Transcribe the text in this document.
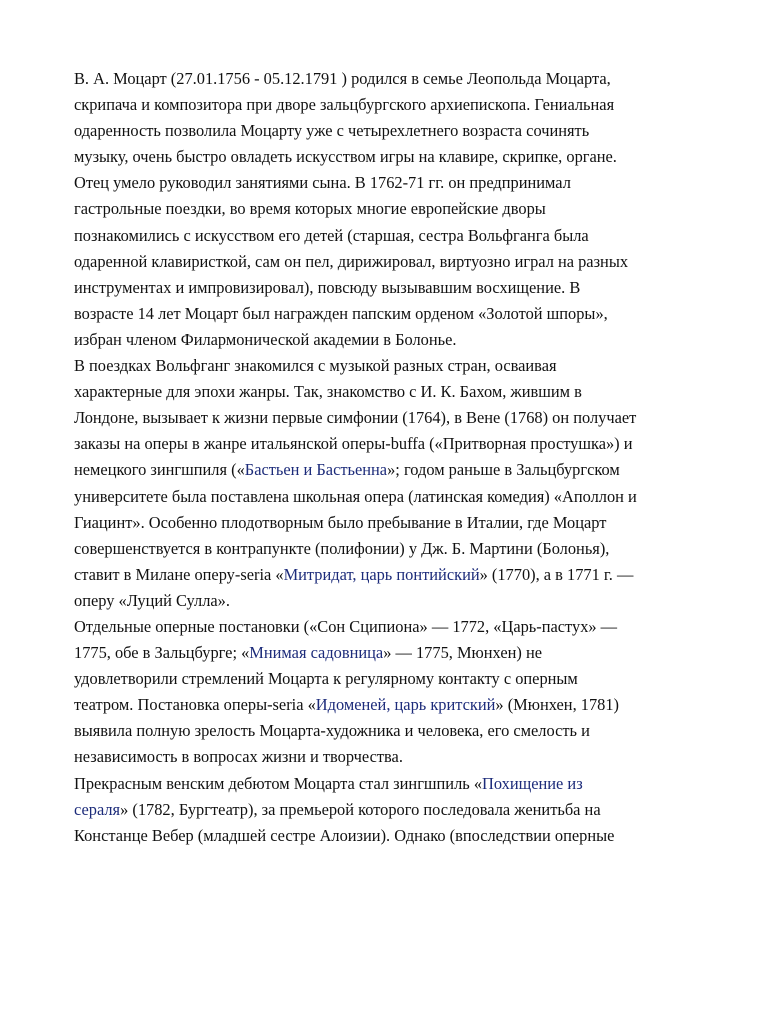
В. А. Моцарт (27.01.1756 - 05.12.1791 ) родился в семье Леопольда Моцарта,
скрипача и композитора при дворе зальцбургского архиепископа. Гениальная
одаренность позволила Моцарту уже с четырехлетнего возраста сочинять
музыку, очень быстро овладеть искусством игры на клавире, скрипке, органе.
Отец умело руководил занятиями сына. В 1762-71 гг. он предпринимал
гастрольные поездки, во время которых многие европейские дворы
познакомились с искусством его детей (старшая, сестра Вольфганга была
одаренной клавиристкой, сам он пел, дирижировал, виртуозно играл на разных
инструментах и импровизировал), повсюду вызывавшим восхищение. В
возрасте 14 лет Моцарт был награжден папским орденом «Золотой шпоры»,
избран членом Филармонической академии в Болонье.
В поездках Вольфганг знакомился с музыкой разных стран, осваивая
характерные для эпохи жанры. Так, знакомство с И. К. Бахом, жившим в
Лондоне, вызывает к жизни первые симфонии (1764), в Вене (1768) он получает
заказы на оперы в жанре итальянской оперы-buffa («Притворная простушка») и
немецкого зингшпиля («Бастьен и Бастьенна»; годом раньше в Зальцбургском
университете была поставлена школьная опера (латинская комедия) «Аполлон и
Гиацинт». Особенно плодотворным было пребывание в Италии, где Моцарт
совершенствуется в контрапункте (полифонии) у Дж. Б. Мартини (Болонья),
ставит в Милане оперу-seria «Митридат, царь понтийский» (1770), а в 1771 г. —
оперу «Луций Сулла».
Отдельные оперные постановки («Сон Сципиона» — 1772, «Царь-пастух» —
1775, обе в Зальцбурге; «Мнимая садовница» — 1775, Мюнхен) не
удовлетворили стремлений Моцарта к регулярному контакту с оперным
театром. Постановка оперы-seria «Идоменей, царь критский» (Мюнхен, 1781)
выявила полную зрелость Моцарта-художника и человека, его смелость и
независимость в вопросах жизни и творчества.
Прекрасным венским дебютом Моцарта стал зингшпиль «Похищение из
сераля» (1782, Бургтеатр), за премьерой которого последовала женитьба на
Констанце Вебер (младшей сестре Алоизии). Однако (впоследствии оперные
